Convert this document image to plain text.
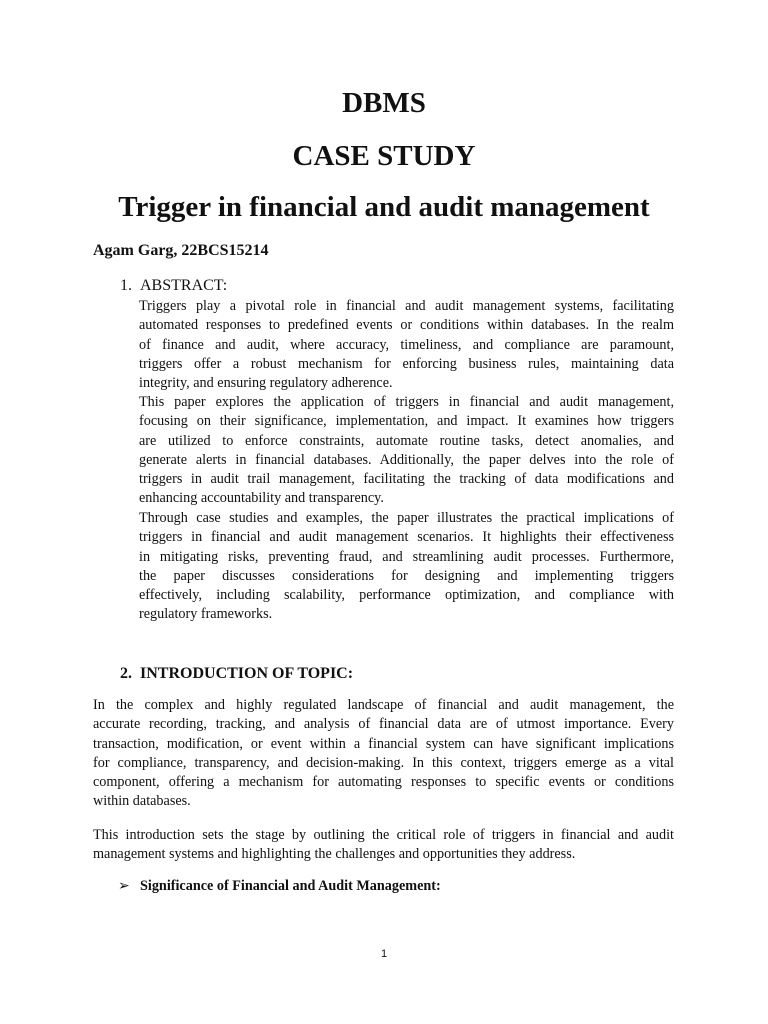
DBMS
CASE STUDY
Trigger in financial and audit management
Agam Garg, 22BCS15214
1. ABSTRACT:
Triggers play a pivotal role in financial and audit management systems, facilitating
automated responses to predefined events or conditions within databases. In the realm
of finance and audit, where accuracy, timeliness, and compliance are paramount,
triggers offer a robust mechanism for enforcing business rules, maintaining data
integrity, and ensuring regulatory adherence.
This paper explores the application of triggers in financial and audit management,
focusing on their significance, implementation, and impact. It examines how triggers
are utilized to enforce constraints, automate routine tasks, detect anomalies, and
generate alerts in financial databases. Additionally, the paper delves into the role of
triggers in audit trail management, facilitating the tracking of data modifications and
enhancing accountability and transparency.
Through case studies and examples, the paper illustrates the practical implications of
triggers in financial and audit management scenarios. It highlights their effectiveness
in mitigating risks, preventing fraud, and streamlining audit processes. Furthermore,
the paper discusses considerations for designing and implementing triggers
effectively, including scalability, performance optimization, and compliance with
regulatory frameworks.
2. INTRODUCTION OF TOPIC:
In the complex and highly regulated landscape of financial and audit management, the
accurate recording, tracking, and analysis of financial data are of utmost importance. Every
transaction, modification, or event within a financial system can have significant implications
for compliance, transparency, and decision-making. In this context, triggers emerge as a vital
component, offering a mechanism for automating responses to specific events or conditions
within databases.
This introduction sets the stage by outlining the critical role of triggers in financial and audit
management systems and highlighting the challenges and opportunities they address.
➢ Significance of Financial and Audit Management:
1
